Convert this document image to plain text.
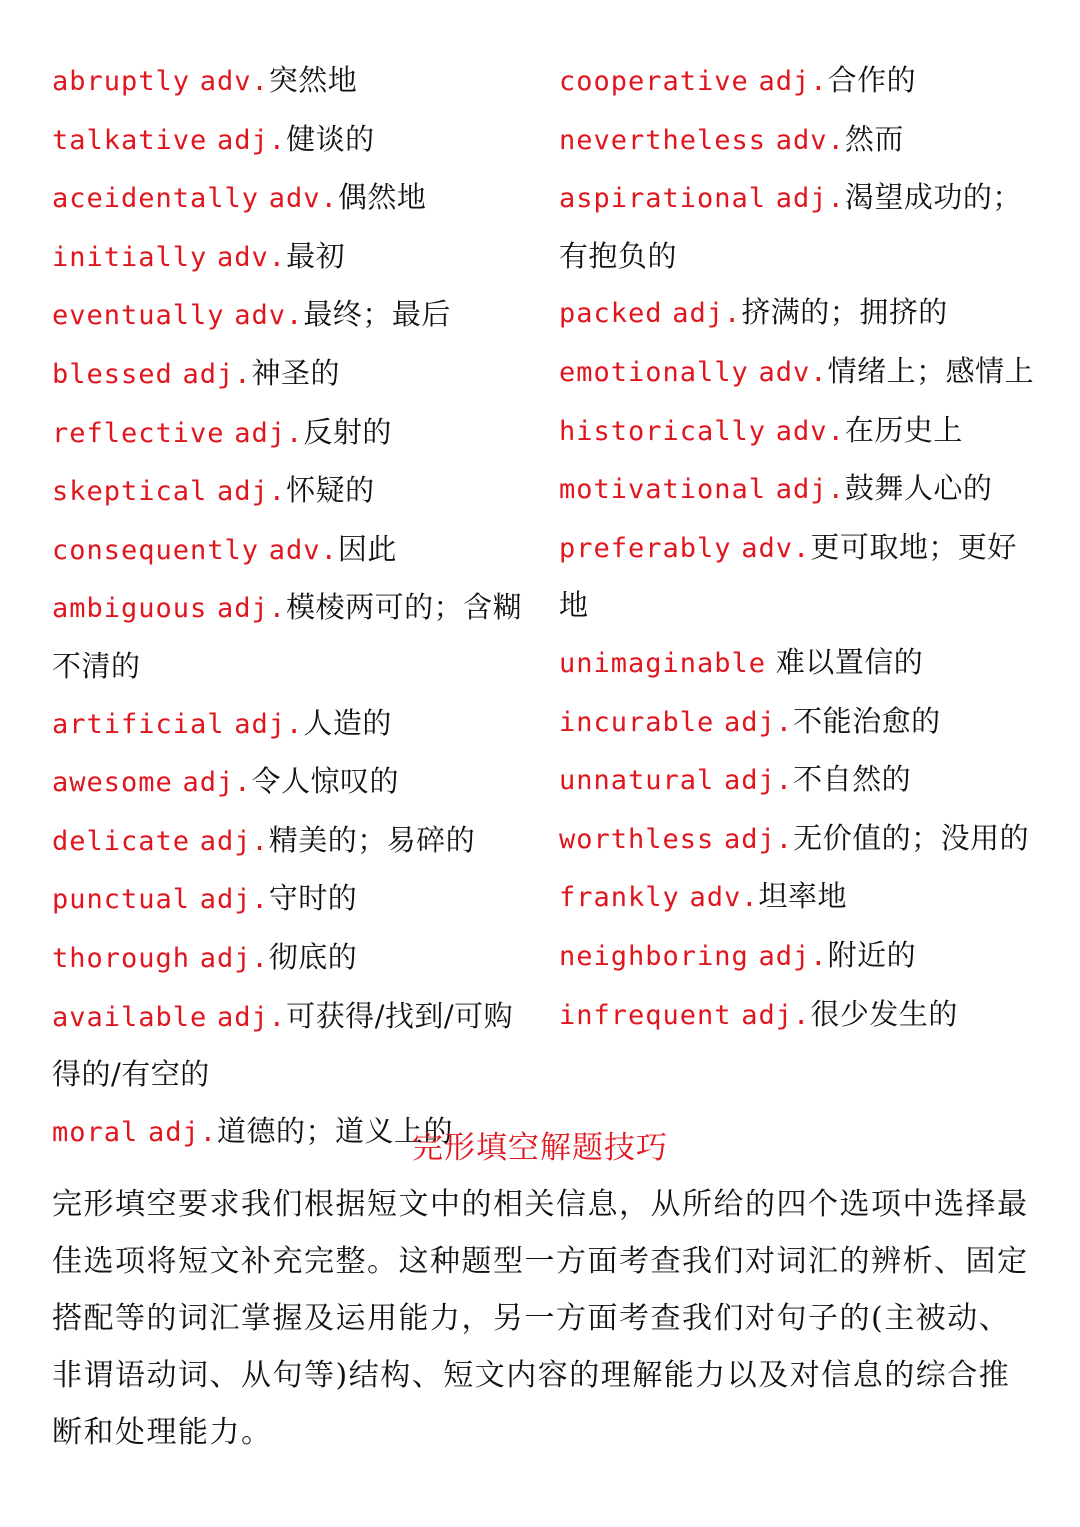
abruptly adv.突然地
talkative adj.健谈的
aceidentally adv.偶然地
initially adv.最初
eventually adv.最终；最后
blessed adj.神圣的
reflective adj.反射的
skeptical adj.怀疑的
consequently adv.因此
ambiguous adj.模棱两可的；含糊不清的
artificial adj.人造的
awesome adj.令人惊叹的
delicate adj.精美的；易碎的
punctual adj.守时的
thorough adj.彻底的
available adj.可获得/找到/可购得的/有空的
moral adj.道德的；道义上的
cooperative adj.合作的
nevertheless adv.然而
aspirational adj.渴望成功的；有抱负的
packed adj.挤满的；拥挤的
emotionally adv.情绪上；感情上
historically adv.在历史上
motivational adj.鼓舞人心的
preferably adv.更可取地；更好地
unimaginable 难以置信的
incurable adj.不能治愈的
unnatural adj.不自然的
worthless adj.无价值的；没用的
frankly adv.坦率地
neighboring adj.附近的
infrequent adj.很少发生的
完形填空解题技巧

完形填空要求我们根据短文中的相关信息，从所给的四个选项中选择最佳选项将短文补充完整。这种题型一方面考查我们对词汇的辨析、固定搭配等的词汇掌握及运用能力，另一方面考查我们对句子的(主被动、非谓语动词、从句等)结构、短文内容的理解能力以及对信息的综合推断和处理能力。
